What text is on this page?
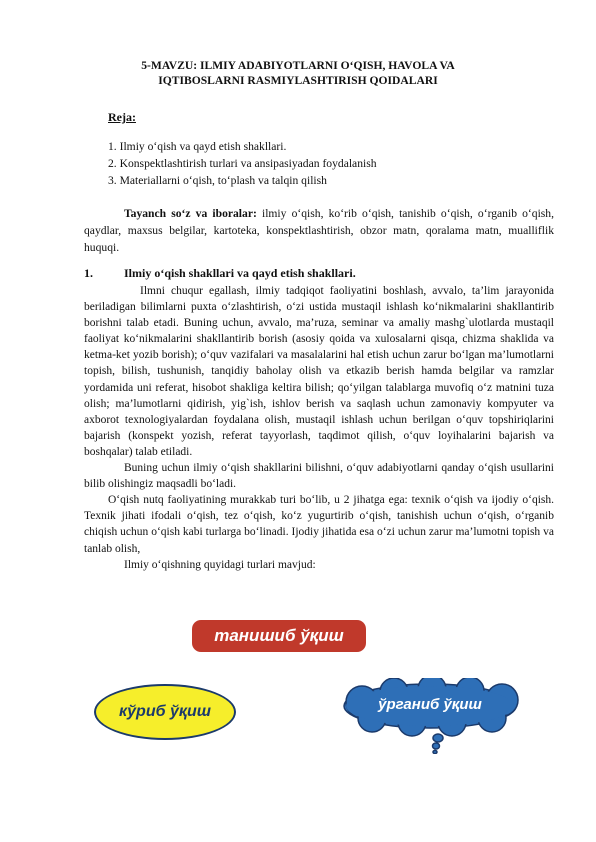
5-MAVZU: ILMIY ADABIYOTLARNI O‘QISH, HAVOLA VA
IQTIBOSLARNI RASMIYLASHTIRISH QOIDALARI
Reja:
1. Ilmiy o‘qish va qayd etish shakllari.
2. Konspektlashtirish turlari va ansipasiyadan foydalanish
3. Materiallarni o‘qish, to‘plash va talqin qilish
Tayanch so‘z va iboralar: ilmiy o‘qish, ko‘rib o‘qish, tanishib o‘qish, o‘rganib o‘qish, qaydlar, maxsus belgilar, kartoteka, konspektlashtirish, obzor matn, qoralama matn, mualliflik huquqi.
1.	Ilmiy o‘qish shakllari va qayd etish shakllari.

Ilmni chuqur egallash, ilmiy tadqiqot faoliyatini boshlash, avvalo, ta’lim jarayonida beriladigan bilimlarni puxta o‘zlashtirish, o‘zi ustida mustaqil ishlash ko‘nikmalarini shakllantirib borishni talab etadi. Buning uchun, avvalo, ma’ruza, seminar va amaliy mashg`ulotlarda mustaqil faoliyat ko‘nikmalarini shakllantirib borish (asosiy qoida va xulosalarni qisqa, chizma shaklida va ketma-ket yozib borish); o‘quv vazifalari va masalalarini hal etish uchun zarur bo‘lgan ma’lumotlarni topish, bilish, tushunish, tanqidiy baholay olish va etkazib berish hamda belgilar va ramzlar yordamida uni referat, hisobot shakliga keltira bilish; qo‘yilgan talablarga muvofiq o‘z matnini tuza olish; ma’lumotlarni qidirish, yig`ish, ishlov berish va saqlash uchun zamonaviy kompyuter va axborot texnologiyalardan foydalana olish, mustaqil ishlash uchun berilgan o‘quv topshiriqlarini bajarish (konspekt yozish, referat tayyorlash, taqdimot qilish, o‘quv loyihalarini bajarish va boshqalar) talab etiladi.

Buning uchun ilmiy o‘qish shakllarini bilishni, o‘quv adabiyotlarni qanday o‘qish usullarini bilib olishingiz maqsadli bo‘ladi.

O‘qish nutq faoliyatining murakkab turi bo‘lib, u 2 jihatga ega: texnik o‘qish va ijodiy o‘qish. Texnik jihati ifodali o‘qish, tez o‘qish, ko‘z yugurtirib o‘qish, tanishish uchun o‘qish, o‘rganib chiqish uchun o‘qish kabi turlarga bo‘linadi. Ijodiy jihatida esa o‘zi uchun zarur ma’lumotni topish va tanlab olish,

Ilmiy o‘qishning quyidagi turlari mavjud:

танишиб ўқиш
кўриб ўқиш	ўрганиб ўқиш
